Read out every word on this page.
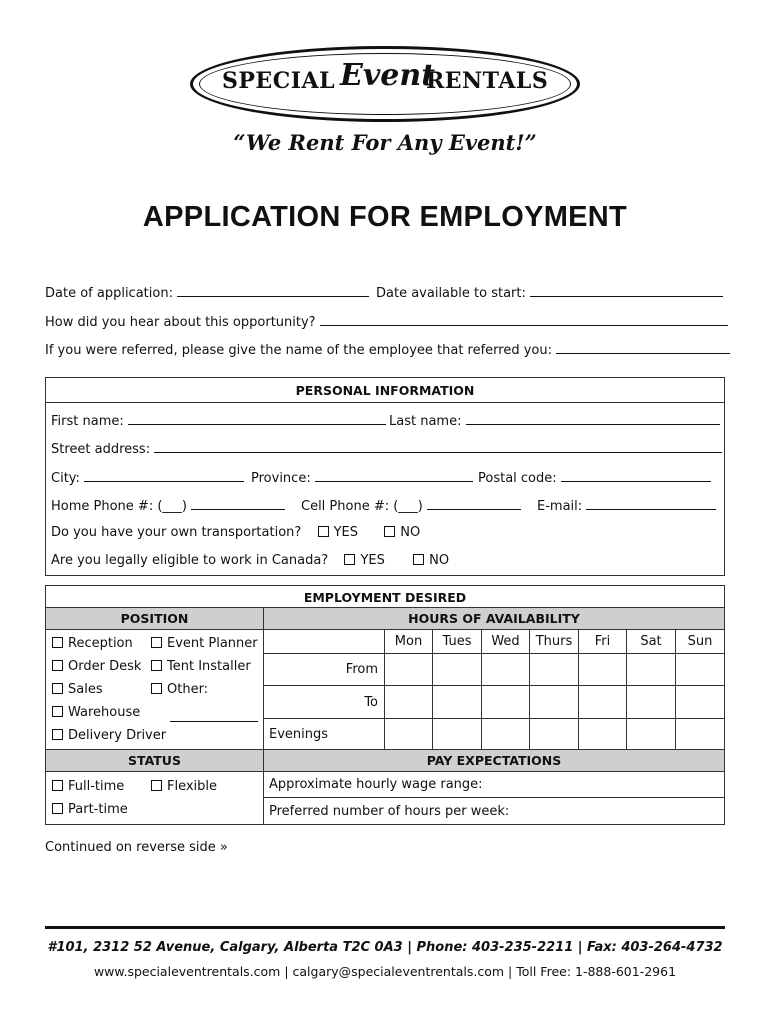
SPECIAL Event
RENTALS
“We Rent For Any Event!”
APPLICATION FOR EMPLOYMENT
Date of application:	Date available to start:
How did you hear about this opportunity?
If you were referred, please give the name of the employee that referred you:
PERSONAL INFORMATION
First name:	Last name:
Street address:
City:	Province:	Postal code:
Home Phone #: (___)	Cell Phone #: (___)	E-mail:
Do you have your own transportation? YES	NO
Are you legally eligible to work in Canada? YES	NO
EMPLOYMENT DESIRED
POSITION	HOURS OF AVAILABILITY
Reception	Event Planner
Order Desk	Tent Installer
Sales	Other:
Warehouse
Delivery Driver
Mon	Tues	Wed	Thurs	Fri	Sat	Sun
From
To
Evenings
STATUS	PAY EXPECTATIONS
Full-time	Flexible
Part-time
Approximate hourly wage range:
Preferred number of hours per week:
Continued on reverse side »
#101, 2312 52 Avenue, Calgary, Alberta T2C 0A3 | Phone: 403-235-2211 | Fax: 403-264-4732
www.specialeventrentals.com | calgary@specialeventrentals.com | Toll Free: 1-888-601-2961
